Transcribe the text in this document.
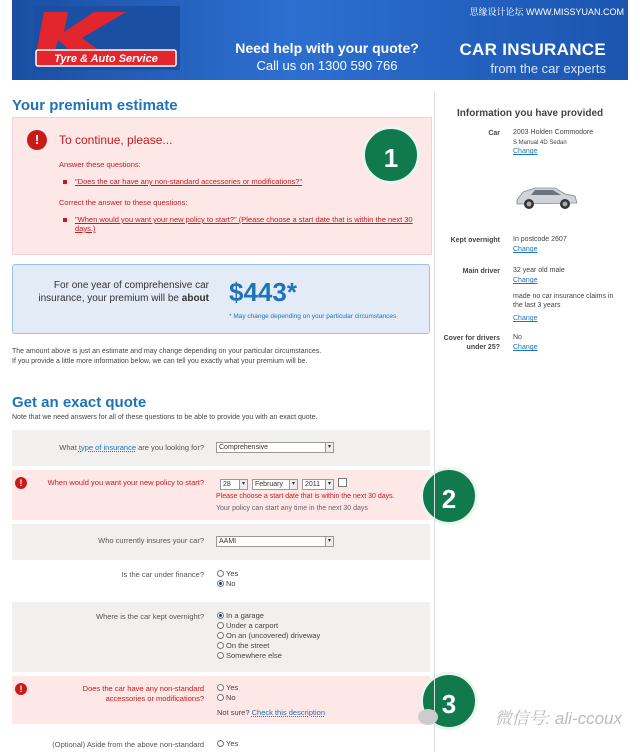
Tyre & Auto Service
Need help with your quote?
Call us on 1300 590 766
CAR INSURANCE
from the car experts
思缘设计论坛 WWW.MISSYUAN.COM
Your premium estimate
!	To continue, please...
Answer these questions:
"Does the car have any non-standard accessories or modifications?"
Correct the answer to these questions:
"When would you want your new policy to start?" (Please choose a start date that is within the next 30 days.)
1
For one year of comprehensive car insurance, your premium will be about $443*
* May change depending on your particular circumstances
The amount above is just an estimate and may change depending on your particular circumstances.
If you provide a little more information below, we can tell you exactly what your premium will be.
Get an exact quote
Note that we need answers for all of these questions to be able to provide you with an exact quote.
What type of insurance are you looking for?	Comprehensive	▾
!	When would you want your new policy to start?	28	▾	February	▾	2011	▾
Please choose a start date that is within the next 30 days.
Your policy can start any time in the next 30 days	2
Who currently insures your car?	AAMI	▾
Is the car under finance?	Yes
No
Where is the car kept overnight?	In a garage
Under a carport
On an (uncovered) driveway
On the street
Somewhere else
!	Does the car have any non-standard accessories or modifications?
Yes
No
Not sure? Check this description	3
(Optional) Aside from the above non-standard	Yes
Information you have provided
Car 2003 Holden Commodore
S Manual 4D Sedan
Change
Kept overnight In postcode 2607
Change
Main driver 32 year old male
Change
made no car insurance claims in the last 3 years
Change
Cover for drivers under 25?
No
Change
微信号: ali-ccoux
